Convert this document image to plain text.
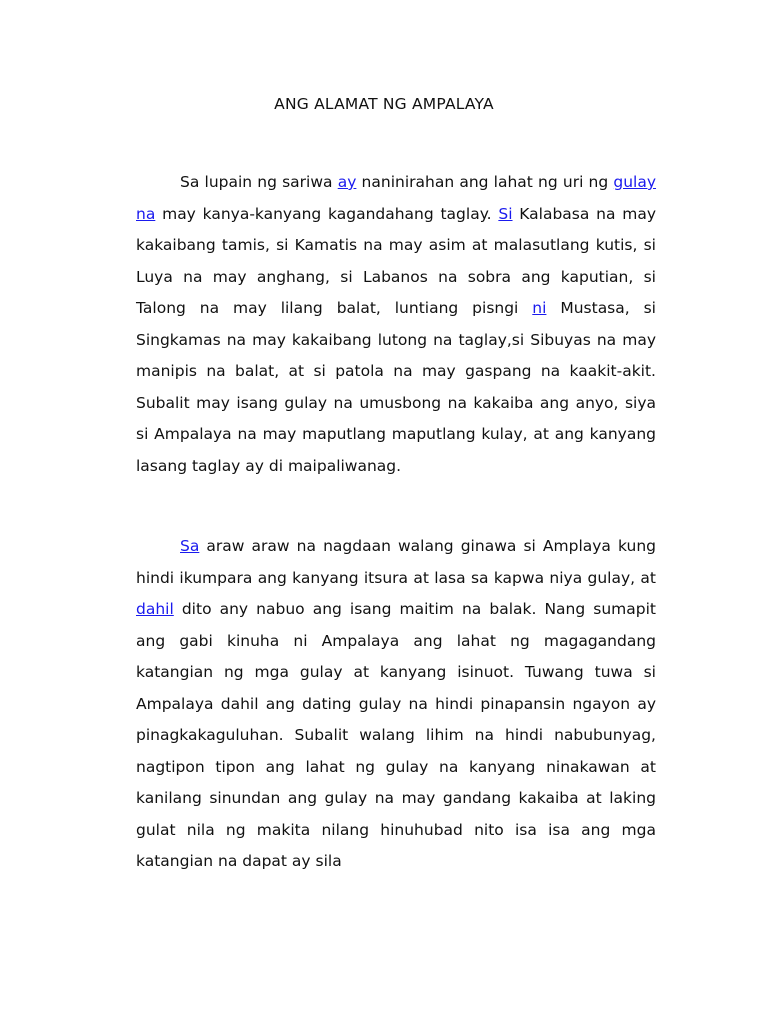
ANG ALAMAT NG AMPALAYA

Sa lupain ng sariwa ay naninirahan ang lahat ng uri ng gulay na may kanya-kanyang kagandahang taglay. Si Kalabasa na may kakaibang tamis, si Kamatis na may asim at malasutlang kutis, si Luya na may anghang, si Labanos na sobra ang kaputian, si Talong na may lilang balat, luntiang pisngi ni Mustasa, si Singkamas na may kakaibang lutong na taglay,si Sibuyas na may manipis na balat, at si patola na may gaspang na kaakit-akit. Subalit may isang gulay na umusbong na kakaiba ang anyo, siya si Ampalaya na may maputlang maputlang kulay, at ang kanyang lasang taglay ay di maipaliwanag.

Sa araw araw na nagdaan walang ginawa si Amplaya kung hindi ikumpara ang kanyang itsura at lasa sa kapwa niya gulay, at dahil dito any nabuo ang isang maitim na balak. Nang sumapit ang gabi kinuha ni Ampalaya ang lahat ng magagandang katangian ng mga gulay at kanyang isinuot. Tuwang tuwa si Ampalaya dahil ang dating gulay na hindi pinapansin ngayon ay pinagkakaguluhan. Subalit walang lihim na hindi nabubunyag, nagtipon tipon ang lahat ng gulay na kanyang ninakawan at kanilang sinundan ang gulay na may gandang kakaiba at laking gulat nila ng makita nilang hinuhubad nito isa isa ang mga katangian na dapat ay sila
